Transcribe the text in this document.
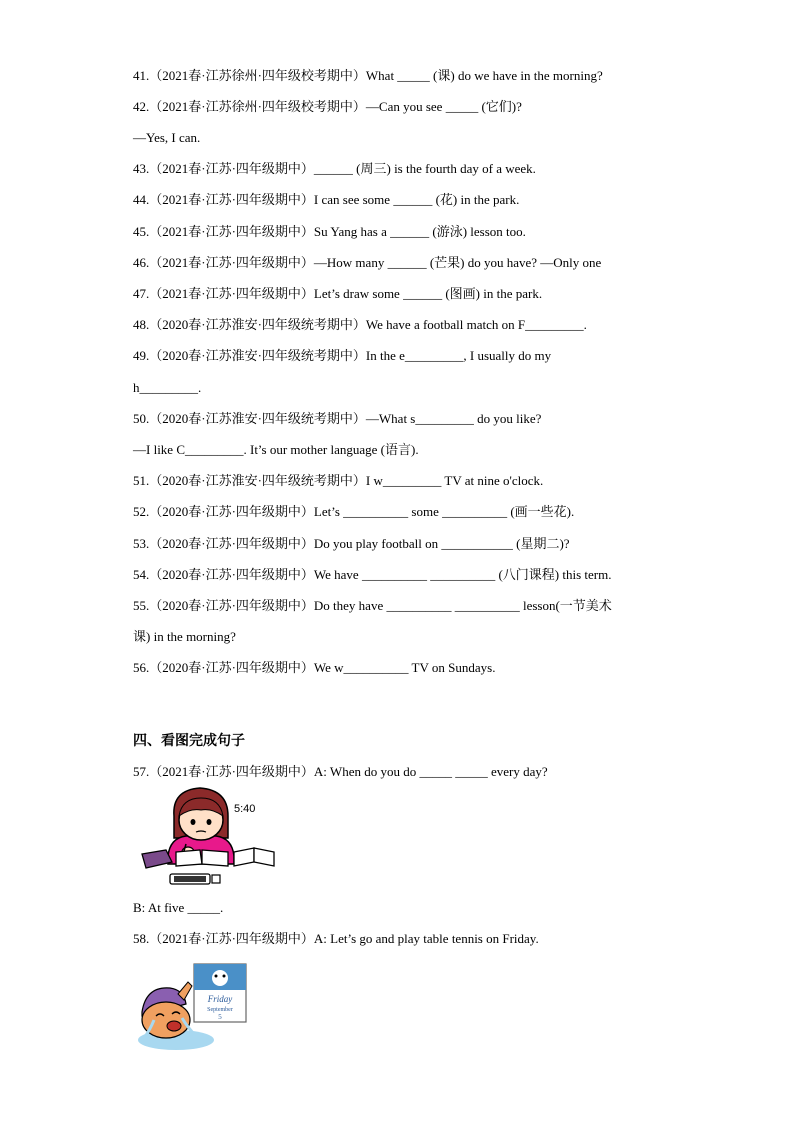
41.（2021春·江苏徐州·四年级校考期中）What _____ (课) do we have in the morning?
42.（2021春·江苏徐州·四年级校考期中）—Can you see _____ (它们)?
—Yes, I can.
43.（2021春·江苏·四年级期中）______ (周三) is the fourth day of a week.
44.（2021春·江苏·四年级期中）I can see some ______ (花) in the park.
45.（2021春·江苏·四年级期中）Su Yang has a ______ (游泳) lesson too.
46.（2021春·江苏·四年级期中）—How many ______ (芒果) do you have? —Only one
47.（2021春·江苏·四年级期中）Let’s draw some ______ (图画) in the park.
48.（2020春·江苏淮安·四年级统考期中）We have a football match on F_________.
49.（2020春·江苏淮安·四年级统考期中）In the e_________, I usually do my
h_________.
50.（2020春·江苏淮安·四年级统考期中）—What s_________ do you like?
—I like C_________. It’s our mother language (语言).
51.（2020春·江苏淮安·四年级统考期中）I w_________ TV at nine o'clock.
52.（2020春·江苏·四年级期中）Let’s __________ some __________ (画一些花).
53.（2020春·江苏·四年级期中）Do you play football on ___________ (星期二)?
54.（2020春·江苏·四年级期中）We have __________ __________ (八门课程) this term.
55.（2020春·江苏·四年级期中）Do they have __________ __________ lesson(一节美术
课) in the morning?
56.（2020春·江苏·四年级期中）We w__________ TV on Sundays.
四、看图完成句子
57.（2021春·江苏·四年级期中）A: When do you do _____ _____ every day?
5:40
B: At five _____.
58.（2021春·江苏·四年级期中）A: Let’s go and play table tennis on Friday.
Friday
September
5
